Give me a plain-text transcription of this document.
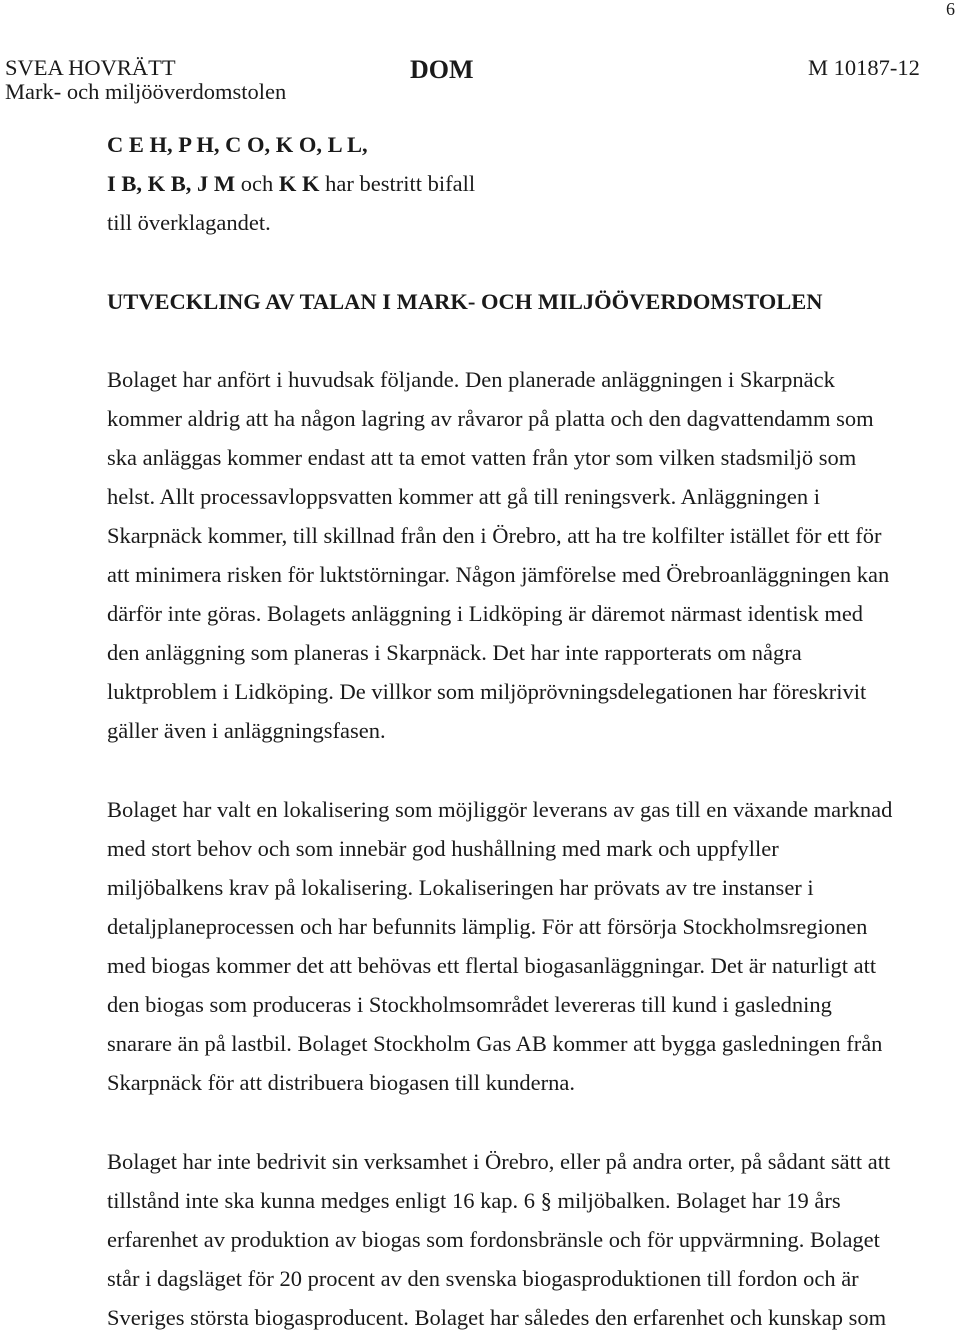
6
SVEA HOVRÄTT
Mark- och miljööverdomstolen
DOM	M 10187-12
C E H, P H, C O, K O, L L,
I B, K B, J M och K K har bestritt bifall
till överklagandet.
UTVECKLING AV TALAN I MARK- OCH MILJÖÖVERDOMSTOLEN
Bolaget har anfört i huvudsak följande. Den planerade anläggningen i Skarpnäck
kommer aldrig att ha någon lagring av råvaror på platta och den dagvattendamm som
ska anläggas kommer endast att ta emot vatten från ytor som vilken stadsmiljö som
helst. Allt processavloppsvatten kommer att gå till reningsverk. Anläggningen i
Skarpnäck kommer, till skillnad från den i Örebro, att ha tre kolfilter istället för ett för
att minimera risken för luktstörningar. Någon jämförelse med Örebroanläggningen kan
därför inte göras. Bolagets anläggning i Lidköping är däremot närmast identisk med
den anläggning som planeras i Skarpnäck. Det har inte rapporterats om några
luktproblem i Lidköping. De villkor som miljöprövningsdelegationen har föreskrivit
gäller även i anläggningsfasen.
Bolaget har valt en lokalisering som möjliggör leverans av gas till en växande marknad
med stort behov och som innebär god hushållning med mark och uppfyller
miljöbalkens krav på lokalisering. Lokaliseringen har prövats av tre instanser i
detaljplaneprocessen och har befunnits lämplig. För att försörja Stockholmsregionen
med biogas kommer det att behövas ett flertal biogasanläggningar. Det är naturligt att
den biogas som produceras i Stockholmsområdet levereras till kund i gasledning
snarare än på lastbil. Bolaget Stockholm Gas AB kommer att bygga gasledningen från
Skarpnäck för att distribuera biogasen till kunderna.
Bolaget har inte bedrivit sin verksamhet i Örebro, eller på andra orter, på sådant sätt att
tillstånd inte ska kunna medges enligt 16 kap. 6 § miljöbalken. Bolaget har 19 års
erfarenhet av produktion av biogas som fordonsbränsle och för uppvärmning. Bolaget
står i dagsläget för 20 procent av den svenska biogasproduktionen till fordon och är
Sveriges största biogasproducent. Bolaget har således den erfarenhet och kunskap som
